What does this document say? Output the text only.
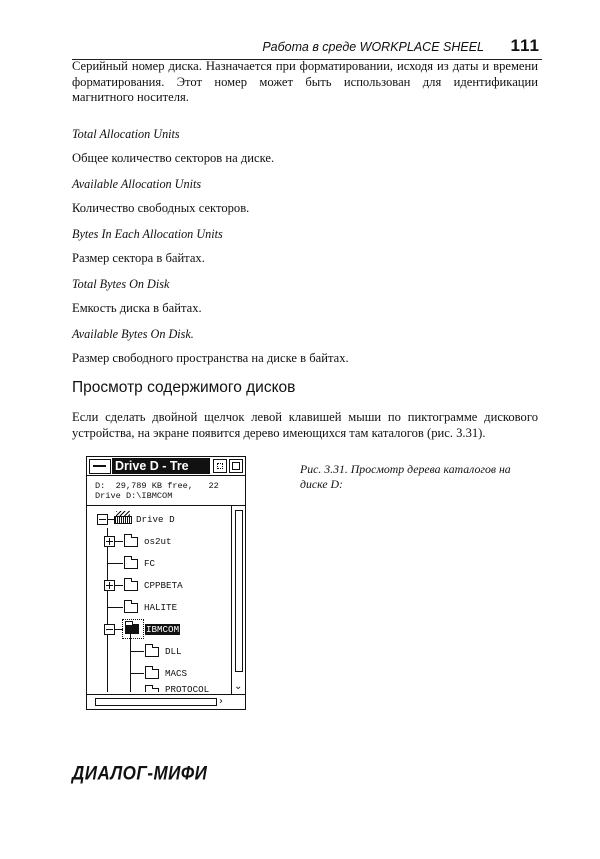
Работа в среде WORKPLACE SHEEL 111

Серийный номер диска. Назначается при форматировании, исходя из даты и времени форматирования. Этот номер может быть использован для идентификации магнитного носителя.

Total Allocation Units
Общее количество секторов на диске.
Available Allocation Units
Количество свободных секторов.
Bytes In Each Allocation Units
Размер сектора в байтах.
Total Bytes On Disk
Емкость диска в байтах.
Available Bytes On Disk.
Размер свободного пространства на диске в байтах.
Просмотр содержимого дисков

Если сделать двойной щелчок левой клавишей мыши по пиктограмме дискового устройства, на экране появится дерево имеющихся там каталогов (рис. 3.31).

Drive D - Tre
D:  29,789 KB free,   22
Drive D:\IBMCOM
Drive D
os2ut
FC
CPPBETA
HALITE
IBMCOM
DLL
MACS
PROTOCOL ⌄
›
Рис. 3.31. Просмотр дерева каталогов на диске D:
ДИАЛОГ-МИФИ
